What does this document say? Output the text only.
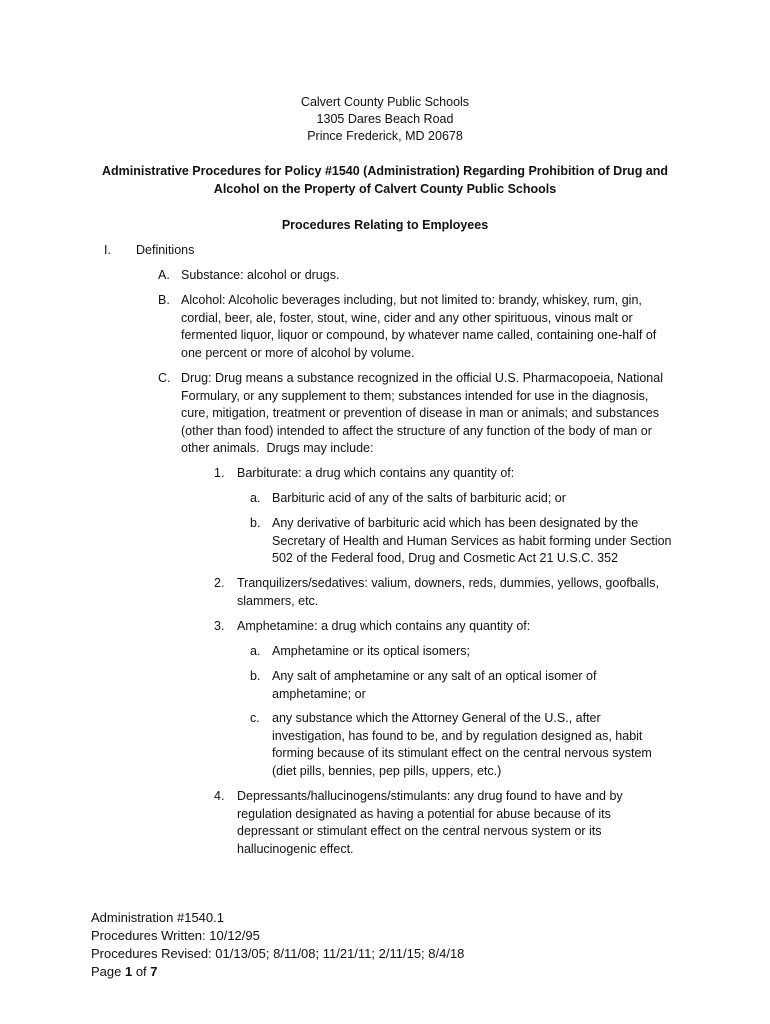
Calvert County Public Schools
1305 Dares Beach Road
Prince Frederick, MD 20678
Administrative Procedures for Policy #1540 (Administration) Regarding Prohibition of Drug and
Alcohol on the Property of Calvert County Public Schools
Procedures Relating to Employees
I. Definitions
A. Substance: alcohol or drugs.
B. Alcohol: Alcoholic beverages including, but not limited to: brandy, whiskey, rum, gin,
cordial, beer, ale, foster, stout, wine, cider and any other spirituous, vinous malt or
fermented liquor, liquor or compound, by whatever name called, containing one-half of
one percent or more of alcohol by volume.
C. Drug: Drug means a substance recognized in the official U.S. Pharmacopoeia, National
Formulary, or any supplement to them; substances intended for use in the diagnosis,
cure, mitigation, treatment or prevention of disease in man or animals; and substances
(other than food) intended to affect the structure of any function of the body of man or
other animals.  Drugs may include:
1. Barbiturate: a drug which contains any quantity of:
a. Barbituric acid of any of the salts of barbituric acid; or
b. Any derivative of barbituric acid which has been designated by the
Secretary of Health and Human Services as habit forming under Section
502 of the Federal food, Drug and Cosmetic Act 21 U.S.C. 352
2. Tranquilizers/sedatives: valium, downers, reds, dummies, yellows, goofballs,
slammers, etc.
3. Amphetamine: a drug which contains any quantity of:
a. Amphetamine or its optical isomers;
b. Any salt of amphetamine or any salt of an optical isomer of
amphetamine; or
c. any substance which the Attorney General of the U.S., after
investigation, has found to be, and by regulation designed as, habit
forming because of its stimulant effect on the central nervous system
(diet pills, bennies, pep pills, uppers, etc.)
4. Depressants/hallucinogens/stimulants: any drug found to have and by
regulation designated as having a potential for abuse because of its
depressant or stimulant effect on the central nervous system or its
hallucinogenic effect.
Administration #1540.1
Procedures Written: 10/12/95
Procedures Revised: 01/13/05; 8/11/08; 11/21/11; 2/11/15; 8/4/18
Page 1 of 7
